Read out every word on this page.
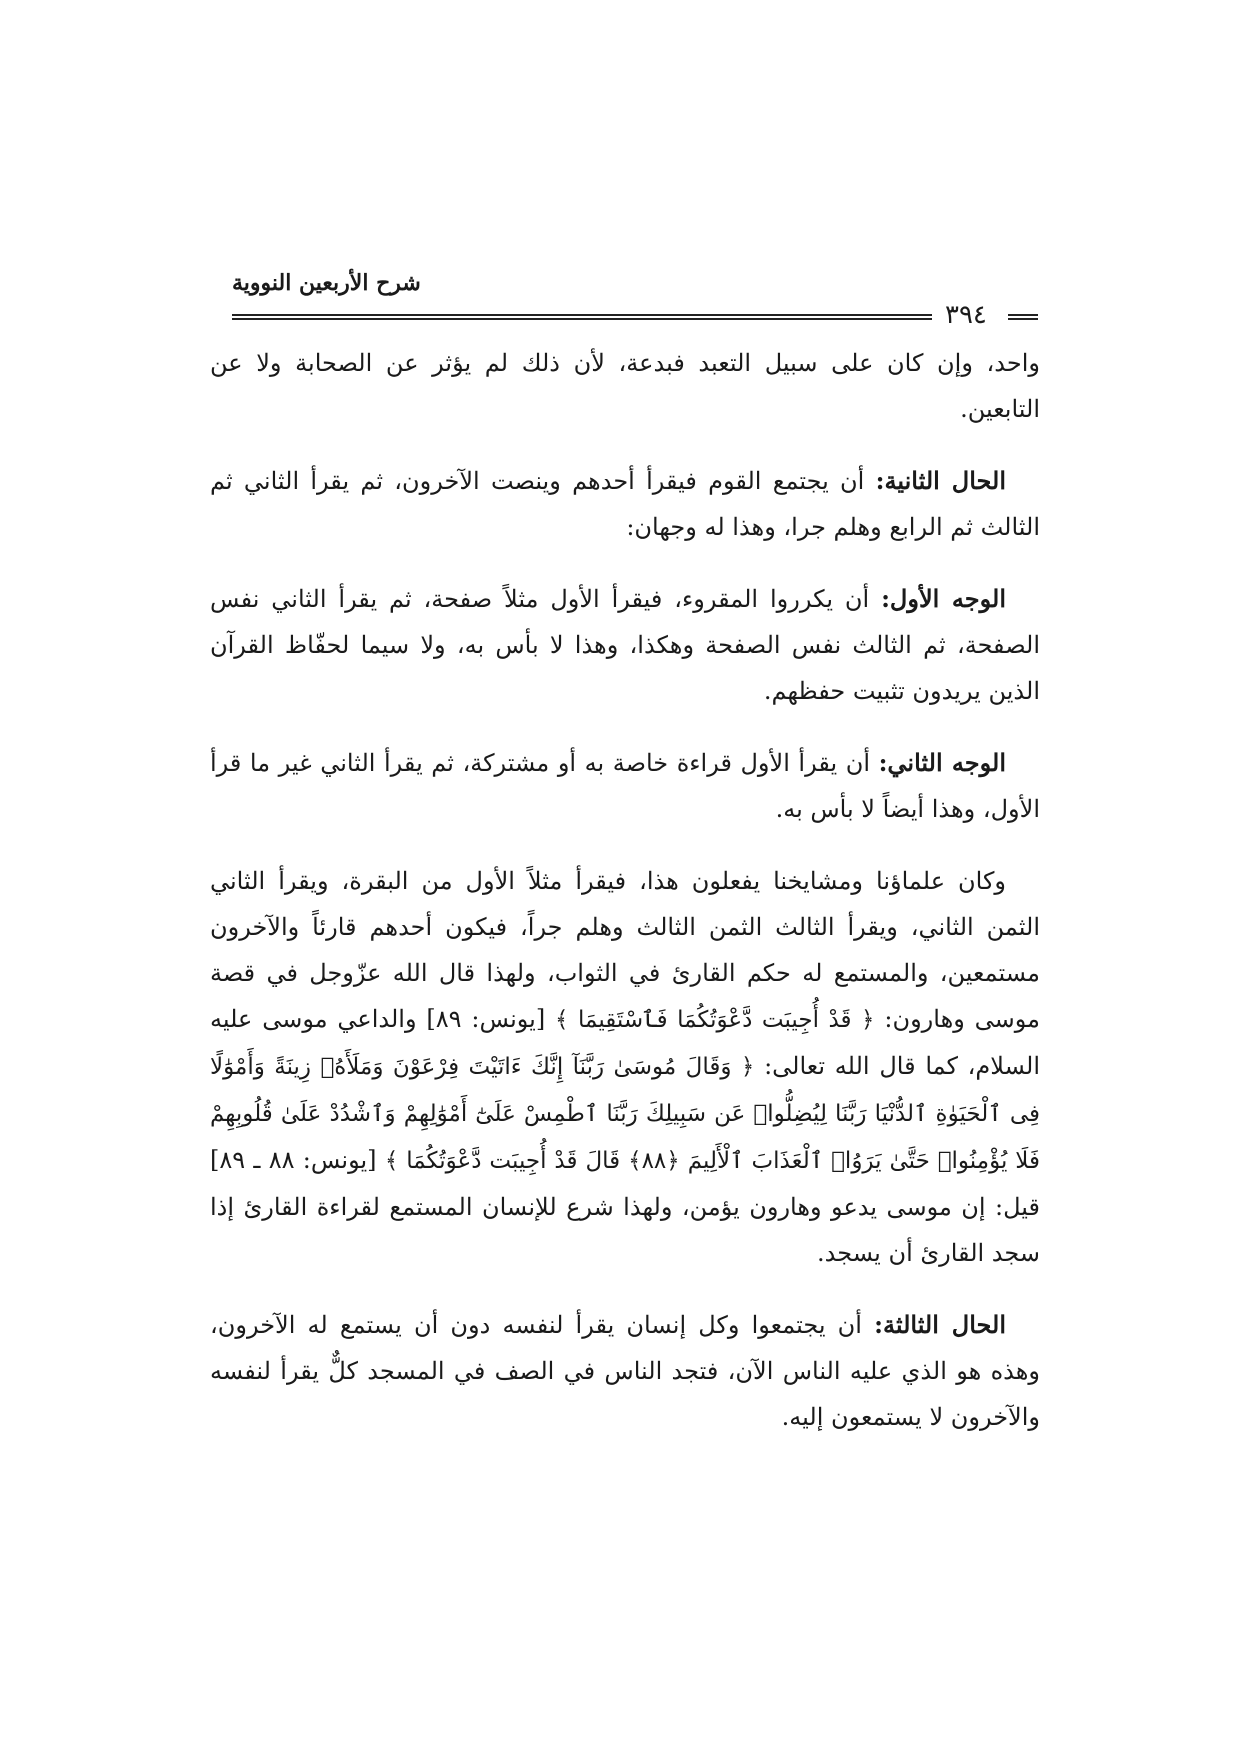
شرح الأربعين النووية
٣٩٤

واحد، وإن كان على سبيل التعبد فبدعة، لأن ذلك لم يؤثر عن الصحابة ولا عن التابعين.

الحال الثانية: أن يجتمع القوم فيقرأ أحدهم وينصت الآخرون، ثم يقرأ الثاني ثم الثالث ثم الرابع وهلم جرا، وهذا له وجهان:

الوجه الأول: أن يكرروا المقروء، فيقرأ الأول مثلاً صفحة، ثم يقرأ الثاني نفس الصفحة، ثم الثالث نفس الصفحة وهكذا، وهذا لا بأس به، ولا سيما لحفّاظ القرآن الذين يريدون تثبيت حفظهم.

الوجه الثاني: أن يقرأ الأول قراءة خاصة به أو مشتركة، ثم يقرأ الثاني غير ما قرأ الأول، وهذا أيضاً لا بأس به.

وكان علماؤنا ومشايخنا يفعلون هذا، فيقرأ مثلاً الأول من البقرة، ويقرأ الثاني الثمن الثاني، ويقرأ الثالث الثمن الثالث وهلم جراً، فيكون أحدهم قارئاً والآخرون مستمعين، والمستمع له حكم القارئ في الثواب، ولهذا قال الله عزّوجل في قصة موسى وهارون: ﴿ قَدْ أُجِيبَت دَّعْوَتُكُمَا فَٱسْتَقِيمَا ﴾ [يونس: ٨٩] والداعي موسى عليه السلام، كما قال الله تعالى: ﴿ وَقَالَ مُوسَىٰ رَبَّنَآ إِنَّكَ ءَاتَيْتَ فِرْعَوْنَ وَمَلَأَهُۥ زِينَةً وَأَمْوَٰلًا فِى ٱلْحَيَوٰةِ ٱلدُّنْيَا رَبَّنَا لِيُضِلُّوا۟ عَن سَبِيلِكَ رَبَّنَا ٱطْمِسْ عَلَىٰٓ أَمْوَٰلِهِمْ وَٱشْدُدْ عَلَىٰ قُلُوبِهِمْ فَلَا يُؤْمِنُوا۟ حَتَّىٰ يَرَوُا۟ ٱلْعَذَابَ ٱلْأَلِيمَ ﴿٨٨﴾ قَالَ قَدْ أُجِيبَت دَّعْوَتُكُمَا ﴾ [يونس: ٨٨ ـ ٨٩] قيل: إن موسى يدعو وهارون يؤمن، ولهذا شرع للإنسان المستمع لقراءة القارئ إذا سجد القارئ أن يسجد.

الحال الثالثة: أن يجتمعوا وكل إنسان يقرأ لنفسه دون أن يستمع له الآخرون، وهذه هو الذي عليه الناس الآن، فتجد الناس في الصف في المسجد كلٌّ يقرأ لنفسه والآخرون لا يستمعون إليه.
